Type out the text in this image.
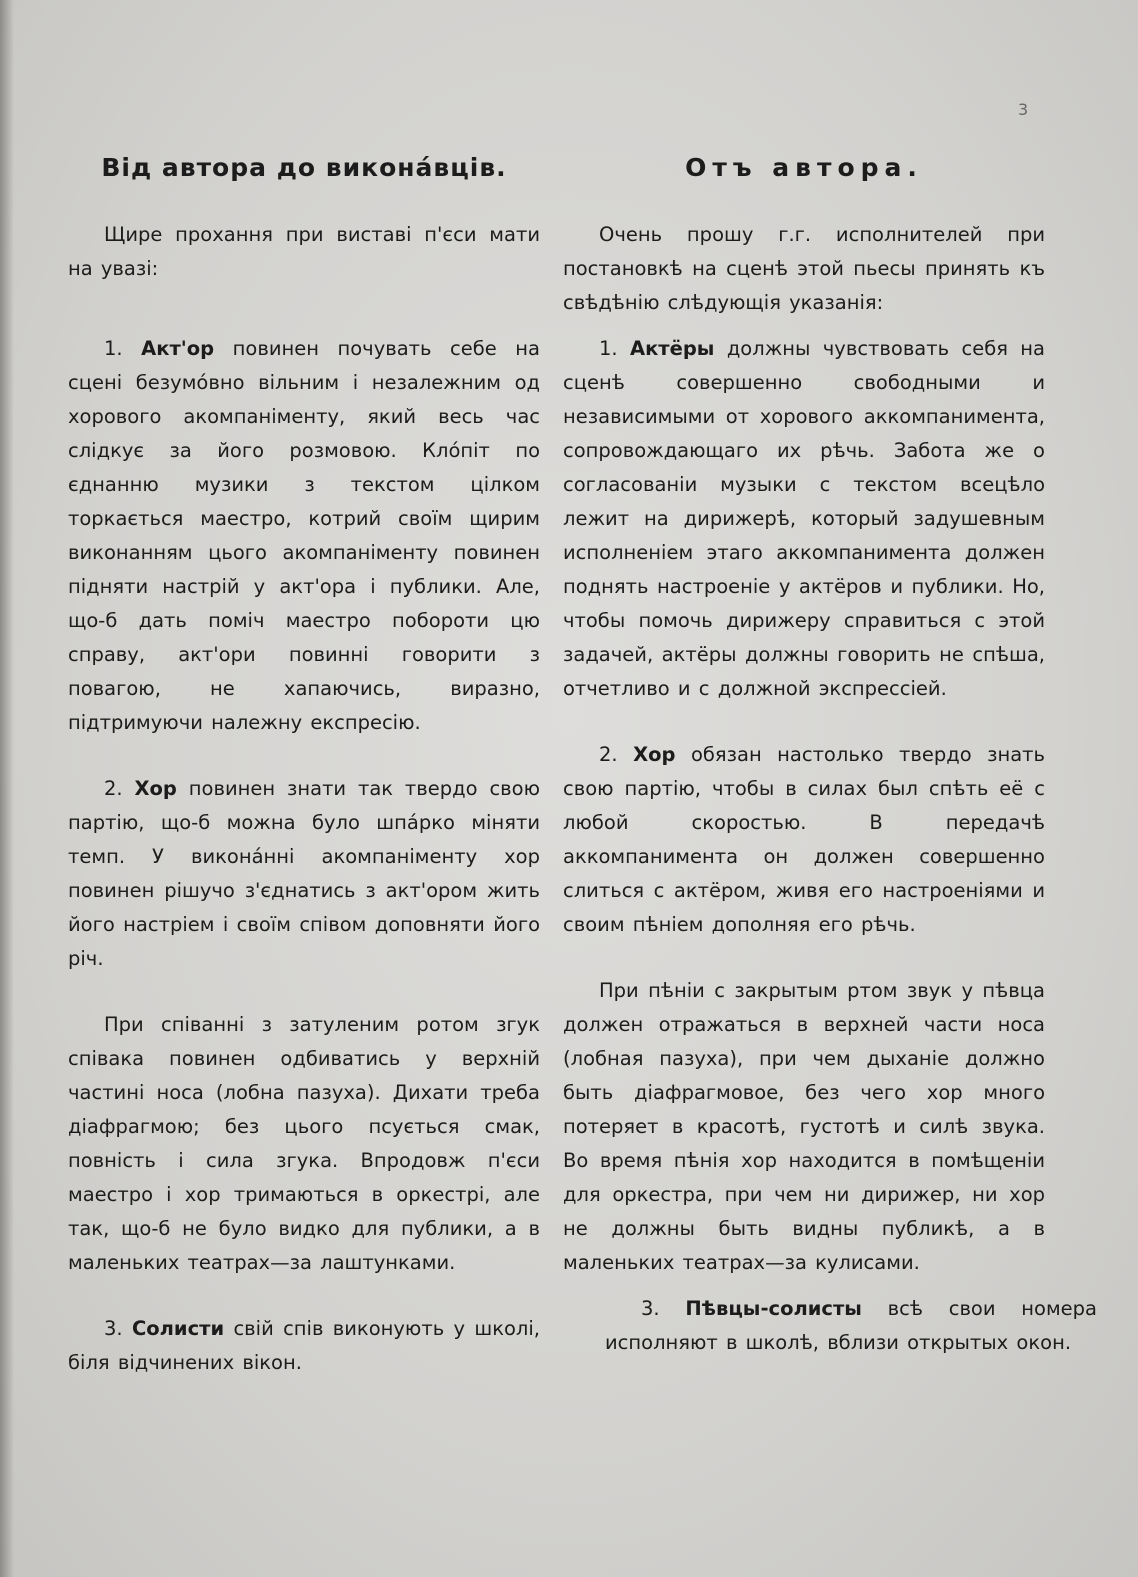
3
Від автора до виконáвців.

Щире прохання при виставі п'єси мати на увазі:

1. Акт'ор повинен почувать себе на сцені безумóвно вільним і незалежним од хорового акомпаніменту, який весь час слідкує за його розмовою. Клóпіт по єднанню музики з текстом цілком торкається маестро, котрий своїм щирим виконанням цього акомпаніменту повинен підняти настрій у акт'ора і публики. Але, що-б дать поміч маестро побороти цю справу, акт'ори повинні говорити з повагою, не хапаючись, виразно, підтримуючи належну експресію.

2. Хор повинен знати так твердо свою партію, що-б можна було шпáрко міняти темп. У виконáнні акомпаніменту хор повинен рішучо з'єднатись з акт'ором жить його настріем і своїм співом доповняти його річ.

При співанні з затуленим ротом згук співака повинен одбиватись у верхній частині носа (лобна пазуха). Дихати треба діафрагмою; без цього псується смак, повність і сила згука. Впродовж п'єси маестро і хор тримаються в оркестрі, але так, що-б не було видко для публики, а в маленьких театрах—за лаштунками.

3. Солисти свій спів виконують у школі, біля відчинених вікон.

Отъ автора.

Очень прошу г.г. исполнителей при постановкѣ на сценѣ этой пьесы принять къ свѣдѣнію слѣдующія указанія:

1. Актёры должны чувствовать себя на сценѣ совершенно свободными и независимыми от хорового аккомпанимента, сопровождающаго их рѣчь. Забота же о согласованіи музыки с текстом всецѣло лежит на дирижерѣ, который задушевным исполненіем этаго аккомпанимента должен поднять настроеніе у актёров и публики. Но, чтобы помочь дирижеру справиться с этой задачей, актёры должны говорить не спѣша, отчетливо и с должной экспрессіей.

2. Хор обязан настолько твердо знать свою партію, чтобы в силах был спѣть её с любой скоростью. В передачѣ аккомпанимента он должен совершенно слиться с актёром, живя его настроеніями и своим пѣніем дополняя его рѣчь.

При пѣніи с закрытым ртом звук у пѣвца должен отражаться в верхней части носа (лобная пазуха), при чем дыханіе должно быть діафрагмовое, без чего хор много потеряет в красотѣ, густотѣ и силѣ звука. Во время пѣнія хор находится в помѣщеніи для оркестра, при чем ни дирижер, ни хор не должны быть видны публикѣ, а в маленьких театрах—за кулисами.

3. Пѣвцы-солисты всѣ свои номера исполняют в школѣ, вблизи открытых окон.
